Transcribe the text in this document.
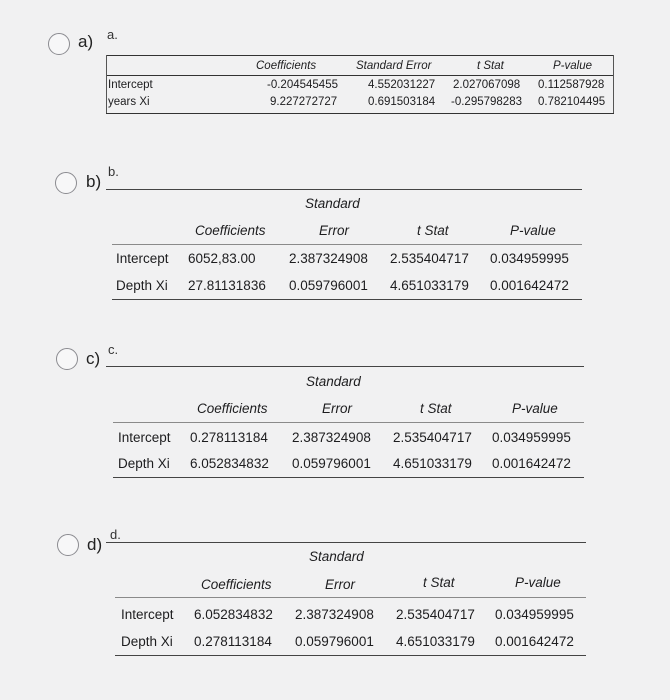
a) a.
Coefficients	Standard Error	t Stat	P-value
Intercept	-0.204545455	4.552031227 2.027067098 0.112587928
years Xi	9.227272727	0.691503184 -0.295798283 0.782104495
b)
b.
Standard
Coefficients	Error	t Stat	P-value
Intercept 6052,83.00 2.387324908 2.535404717 0.034959995
Depth Xi 27.81131836 0.059796001 4.651033179 0.001642472
c) c.
Standard
Coefficients	Error	t Stat	P-value
Intercept 0.278113184 2.387324908 2.535404717 0.034959995
Depth Xi 6.052834832 0.059796001 4.651033179 0.001642472
d)
d.
Standard
Coefficients	Error	t Stat	P-value
Intercept 6.052834832 2.387324908 2.535404717 0.034959995
Depth Xi 0.278113184 0.059796001 4.651033179 0.001642472
